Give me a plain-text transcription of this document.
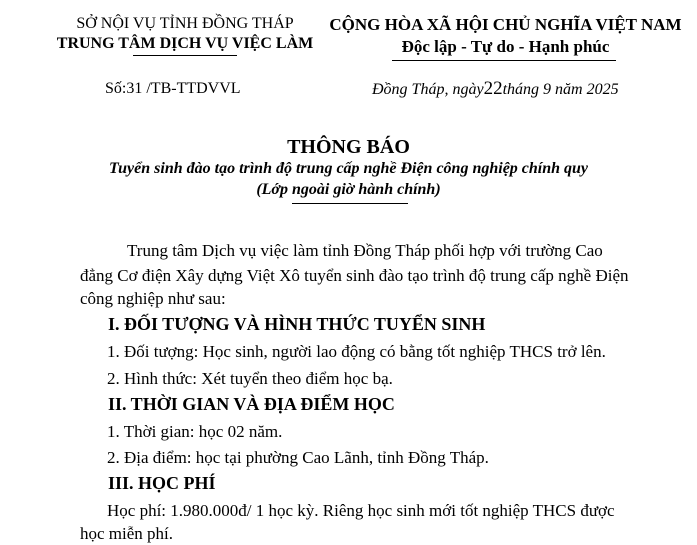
SỞ NỘI VỤ TỈNH ĐỒNG THÁP
TRUNG TÂM DỊCH VỤ VIỆC LÀM
CỘNG HÒA XÃ HỘI CHỦ NGHĨA VIỆT NAM
Độc lập - Tự do - Hạnh phúc
Số:31 /TB-TTDVVL	Đồng Tháp, ngày22tháng 9 năm 2025
THÔNG BÁO
Tuyển sinh đào tạo trình độ trung cấp nghề Điện công nghiệp chính quy
(Lớp ngoài giờ hành chính)
Trung tâm Dịch vụ việc làm tỉnh Đồng Tháp phối hợp với trường Cao
đẳng Cơ điện Xây dựng Việt Xô tuyển sinh đào tạo trình độ trung cấp nghề Điện
công nghiệp như sau:
I. ĐỐI TƯỢNG VÀ HÌNH THỨC TUYỂN SINH
1. Đối tượng: Học sinh, người lao động có bằng tốt nghiệp THCS trở lên.
2. Hình thức: Xét tuyển theo điểm học bạ.
II. THỜI GIAN VÀ ĐỊA ĐIỂM HỌC
1. Thời gian: học 02 năm.
2. Địa điểm: học tại phường Cao Lãnh, tỉnh Đồng Tháp.
III. HỌC PHÍ
Học phí: 1.980.000đ/ 1 học kỳ. Riêng học sinh mới tốt nghiệp THCS được
học miễn phí.
